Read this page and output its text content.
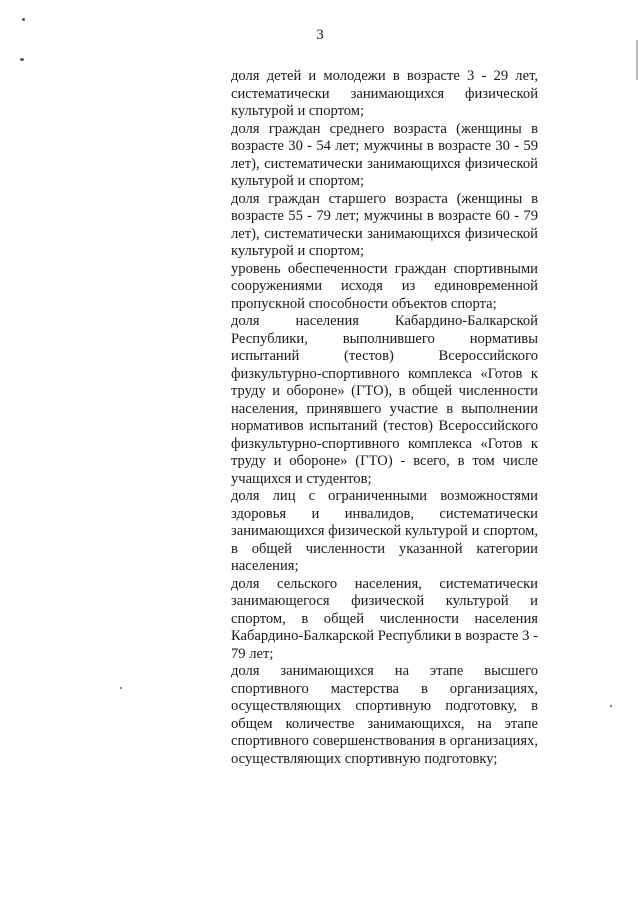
3

доля детей и молодежи в возрасте 3 - 29 лет, систематически занимающихся физической культурой и спортом;

доля граждан среднего возраста (женщины в возрасте 30 - 54 лет; мужчины в возрасте 30 - 59 лет), систематически занимающихся физической культурой и спортом;

доля граждан старшего возраста (женщины в возрасте 55 - 79 лет; мужчины в возрасте 60 - 79 лет), систематически занимающихся физической культурой и спортом;

уровень обеспеченности граждан спортивными сооружениями исходя из единовременной пропускной способности объектов спорта;

доля населения Кабардино-Балкарской Республики, выполнившего нормативы испытаний (тестов) Всероссийского физкультурно-спортивного комплекса «Готов к труду и обороне» (ГТО), в общей численности населения, принявшего участие в выполнении нормативов испытаний (тестов) Всероссийского физкультурно-спортивного комплекса «Готов к труду и обороне» (ГТО) - всего, в том числе учащихся и студентов;

доля лиц с ограниченными возможностями здоровья и инвалидов, систематически занимающихся физической культурой и спортом, в общей численности указанной категории населения;

доля сельского населения, систематически занимающегося физической культурой и спортом, в общей численности населения Кабардино-Балкарской Республики в возрасте 3 - 79 лет;

доля занимающихся на этапе высшего спортивного мастерства в организациях, осуществляющих спортивную подготовку, в общем количестве занимающихся, на этапе спортивного совершенствования в организациях, осуществляющих спортивную подготовку;
